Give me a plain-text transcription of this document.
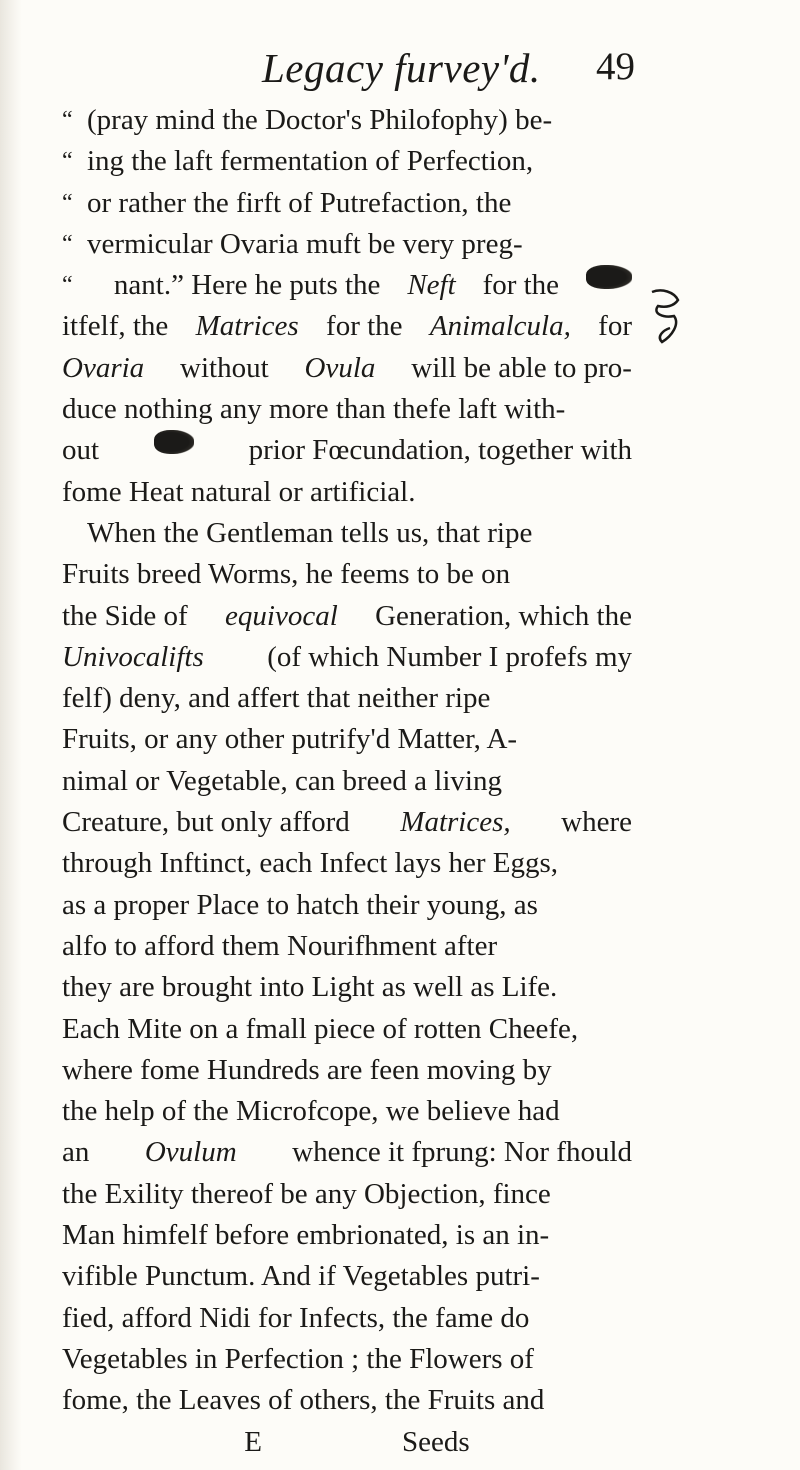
Legacy furvey'd. 49
“ (pray mind the Doctor's Philofophy) be-
“ ing the laft fermentation of Perfection,
“ or rather the firft of Putrefaction, the
“ vermicular Ovaria muft be very preg-
“	nant.” Here he puts the Neft for the
itfelf, the Matrices for the Animalcula, for
Ovaria without Ovula will be able to pro-
duce nothing any more than thefe laft with-
out	prior Fœcundation, together with
fome Heat natural or artificial.
When the Gentleman tells us, that ripe
Fruits breed Worms, he feems to be on
the Side of equivocal Generation, which the
Univocalifts (of which Number I profefs my
felf) deny, and affert that neither ripe
Fruits, or any other putrify'd Matter, A-
nimal or Vegetable, can breed a living
Creature, but only afford Matrices, where
through Inftinct, each Infect lays her Eggs,
as a proper Place to hatch their young, as
alfo to afford them Nourifhment after
they are brought into Light as well as Life.
Each Mite on a fmall piece of rotten Cheefe,
where fome Hundreds are feen moving by
the help of the Microfcope, we believe had
an Ovulum whence it fprung: Nor fhould
the Exility thereof be any Objection, fince
Man himfelf before embrionated, is an in-
vifible Punctum. And if Vegetables putri-
fied, afford Nidi for Infects, the fame do
Vegetables in Perfection ; the Flowers of
fome, the Leaves of others, the Fruits and
E	Seeds
